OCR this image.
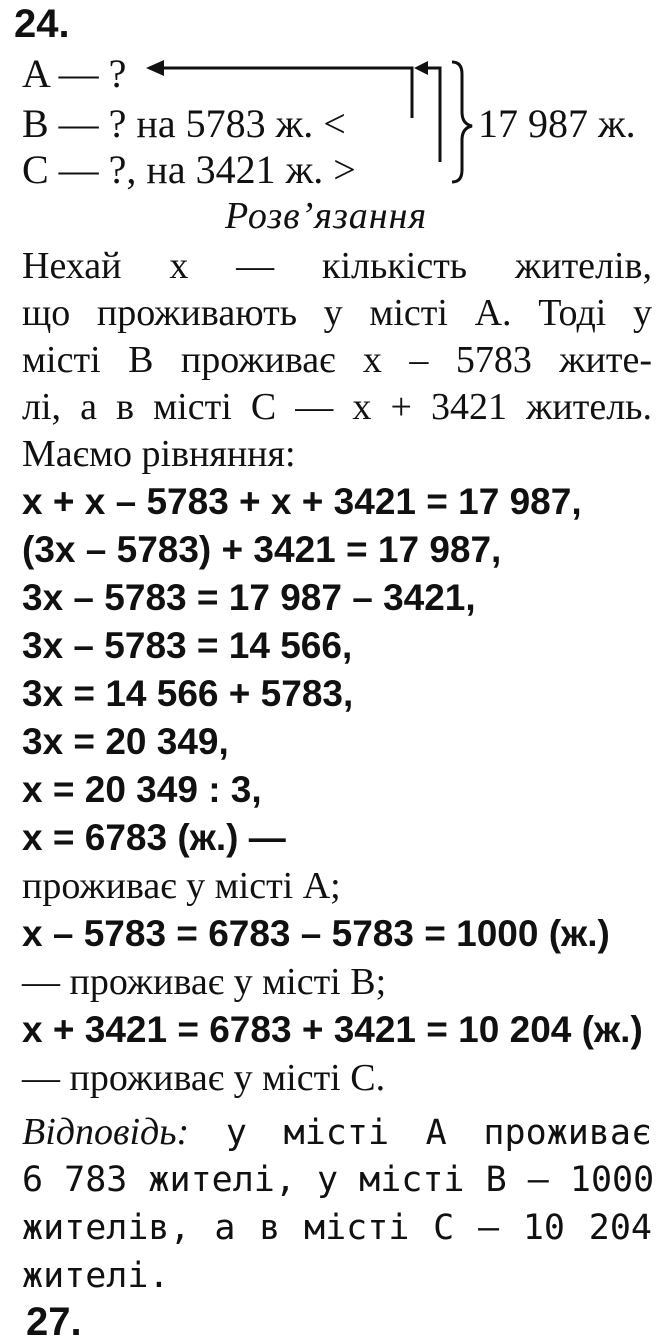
24.
A — ?
B — ? на 5783 ж. <
C — ?, на 3421 ж. >
17 987 ж.
Розв’язання
Нехай x — кількість жителів,
що проживають у місті A. Тоді у
місті B проживає x – 5783 жите-
лі, а в місті C — x + 3421 житель.
Маємо рівняння:
x + x – 5783 + x + 3421 = 17 987,
(3x – 5783) + 3421 = 17 987,
3x – 5783 = 17 987 – 3421,
3x – 5783 = 14 566,
3x = 14 566 + 5783,
3x = 20 349,
x = 20 349 : 3,
x = 6783 (ж.) —
проживає у місті A;
x – 5783 = 6783 – 5783 = 1000 (ж.)
— проживає у місті B;
x + 3421 = 6783 + 3421 = 10 204 (ж.)
— проживає у місті C.
Відповідь: у місті A проживає
6 783 жителі, у місті B — 1000
жителів, а в місті C — 10 204
жителі.
27.
